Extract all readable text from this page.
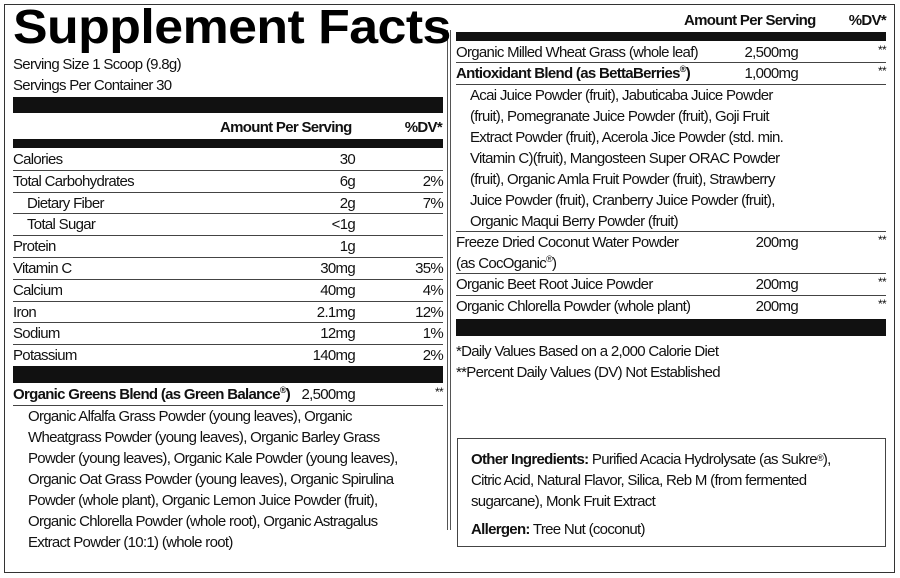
Supplement Facts
Serving Size 1 Scoop (9.8g)
Servings Per Container 30
Amount Per Serving	%DV*
Calories	30
Total Carbohydrates	6g	2%
Dietary Fiber	2g	7%
Total Sugar	<1g
Protein	1g
Vitamin C	30mg	35%
Calcium	40mg	4%
Iron	2.1mg	12%
Sodium	12mg	1%
Potassium	140mg	2%
Organic Greens Blend (as Green Balance®) 2,500mg	**
Organic Alfalfa Grass Powder (young leaves), Organic
Wheatgrass Powder (young leaves), Organic Barley Grass
Powder (young leaves), Organic Kale Powder (young leaves),
Organic Oat Grass Powder (young leaves), Organic Spirulina
Powder (whole plant), Organic Lemon Juice Powder (fruit),
Organic Chlorella Powder (whole root), Organic Astragalus
Extract Powder (10:1) (whole root)
Amount Per Serving	%DV*
Organic Milled Wheat Grass (whole leaf)	2,500mg	**
Antioxidant Blend (as BettaBerries®)	1,000mg	**
Acai Juice Powder (fruit), Jabuticaba Juice Powder
(fruit), Pomegranate Juice Powder (fruit), Goji Fruit
Extract Powder (fruit), Acerola Jice Powder (std. min.
Vitamin C)(fruit), Mangosteen Super ORAC Powder
(fruit), Organic Amla Fruit Powder (fruit), Strawberry
Juice Powder (fruit), Cranberry Juice Powder (fruit),
Organic Maqui Berry Powder (fruit)
Freeze Dried Coconut Water Powder
(as CocOganic®)
200mg	**
Organic Beet Root Juice Powder	200mg	**
Organic Chlorella Powder (whole plant)	200mg	**
*Daily Values Based on a 2,000 Calorie Diet
**Percent Daily Values (DV) Not Established
Other Ingredients: Purified Acacia Hydrolysate (as Sukre®),
Citric Acid, Natural Flavor, Silica, Reb M (from fermented
sugarcane), Monk Fruit Extract
Allergen: Tree Nut (coconut)
